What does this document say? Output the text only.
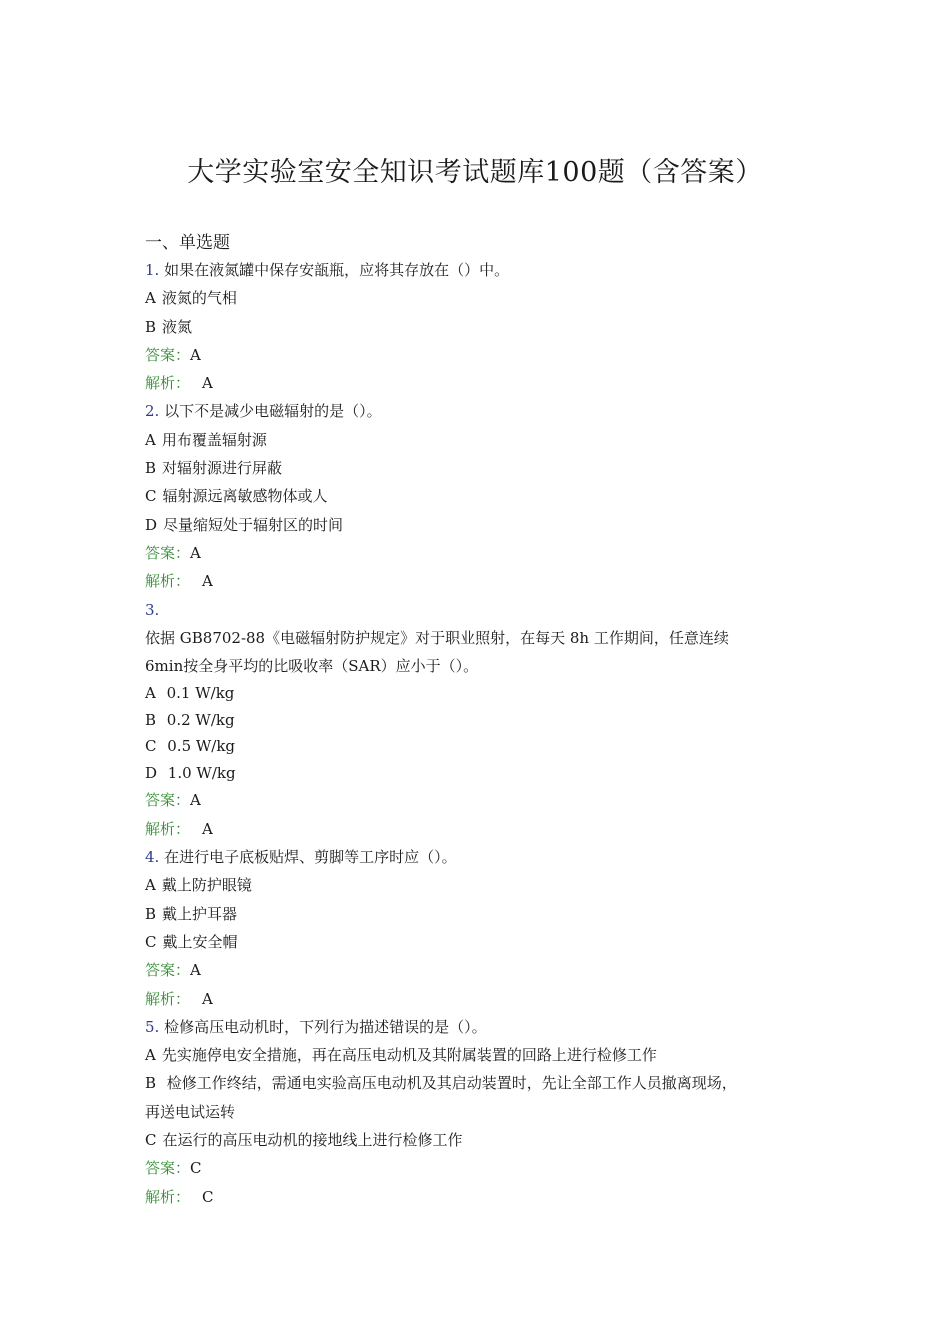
大学实验室安全知识考试题库100题（含答案）

一、单选题

1. 如果在液氮罐中保存安瓿瓶，应将其存放在（）中。

A 液氮的气相

B 液氮

答案：A

解析： A

2. 以下不是减少电磁辐射的是（）。

A 用布覆盖辐射源

B 对辐射源进行屏蔽

C 辐射源远离敏感物体或人

D 尽量缩短处于辐射区的时间

答案：A

解析： A

3.

依据 GB8702-88《电磁辐射防护规定》对于职业照射，在每天 8h 工作期间，任意连续

6min按全身平均的比吸收率（SAR）应小于（）。

A 0.1 W/kg

B 0.2 W/kg

C 0.5 W/kg

D 1.0 W/kg

答案：A

解析： A

4. 在进行电子底板贴焊、剪脚等工序时应（）。

A 戴上防护眼镜

B 戴上护耳器

C 戴上安全帽

答案：A

解析： A

5. 检修高压电动机时，下列行为描述错误的是（）。

A 先实施停电安全措施，再在高压电动机及其附属装置的回路上进行检修工作

B 检修工作终结，需通电实验高压电动机及其启动装置时，先让全部工作人员撤离现场，

再送电试运转

C 在运行的高压电动机的接地线上进行检修工作

答案：C

解析： C
